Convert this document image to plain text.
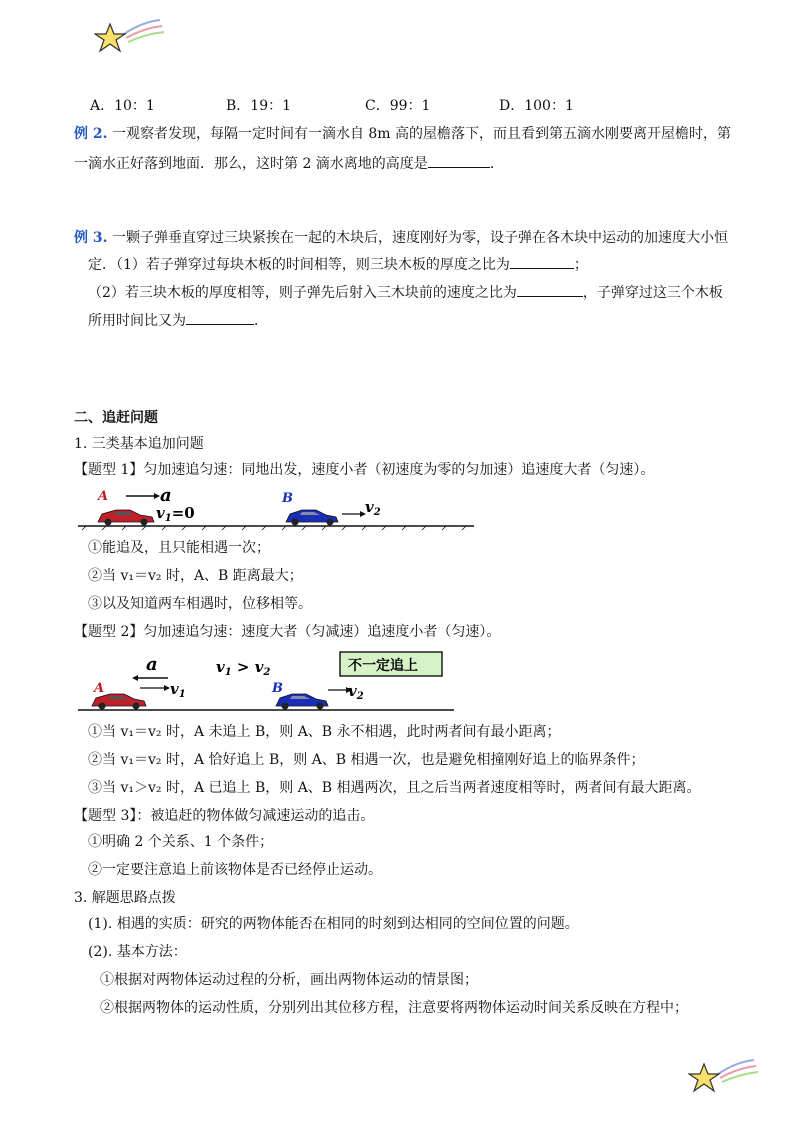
A．10：1	B．19：1	C．99：1	D．100：1
例 2. 一观察者发现，每隔一定时间有一滴水自 8m 高的屋檐落下，而且看到第五滴水刚要离开屋檐时，第
一滴水正好落到地面．那么，这时第 2 滴水离地的高度是	．
例 3. 一颗子弹垂直穿过三块紧挨在一起的木块后，速度刚好为零，设子弹在各木块中运动的加速度大小恒
定．（1）若子弹穿过每块木板的时间相等，则三块木板的厚度之比为	；
（2）若三块木板的厚度相等，则子弹先后射入三木块前的速度之比为	，子弹穿过这三个木板
所用时间比又为	．
二、追赶问题
1. 三类基本追加问题
【题型 1】匀加速追匀速：同地出发，速度小者（初速度为零的匀加速）追速度大者（匀速）。
A	a
$v_1=0$
B	$v_2$
①能追及，且只能相遇一次；
②当 v₁＝v₂ 时，A、B 距离最大；
③以及知道两车相遇时，位移相等。
【题型 2】匀加速追匀速：速度大者（匀减速）追速度小者（匀速）。
a	$v_1 > v_2$	不一定追上
A	$v_1$	B	$v_2$
①当 v₁＝v₂ 时，A 未追上 B，则 A、B 永不相遇，此时两者间有最小距离；
②当 v₁＝v₂ 时，A 恰好追上 B，则 A、B 相遇一次，也是避免相撞刚好追上的临界条件；
③当 v₁＞v₂ 时，A 已追上 B，则 A、B 相遇两次，且之后当两者速度相等时，两者间有最大距离。
【题型 3】：被追赶的物体做匀减速运动的追击。
①明确 2 个关系、1 个条件；
②一定要注意追上前该物体是否已经停止运动。
3. 解题思路点拨
(1). 相遇的实质：研究的两物体能否在相同的时刻到达相同的空间位置的问题。
(2). 基本方法：
①根据对两物体运动过程的分析，画出两物体运动的情景图；
②根据两物体的运动性质，分别列出其位移方程，注意要将两物体运动时间关系反映在方程中；
